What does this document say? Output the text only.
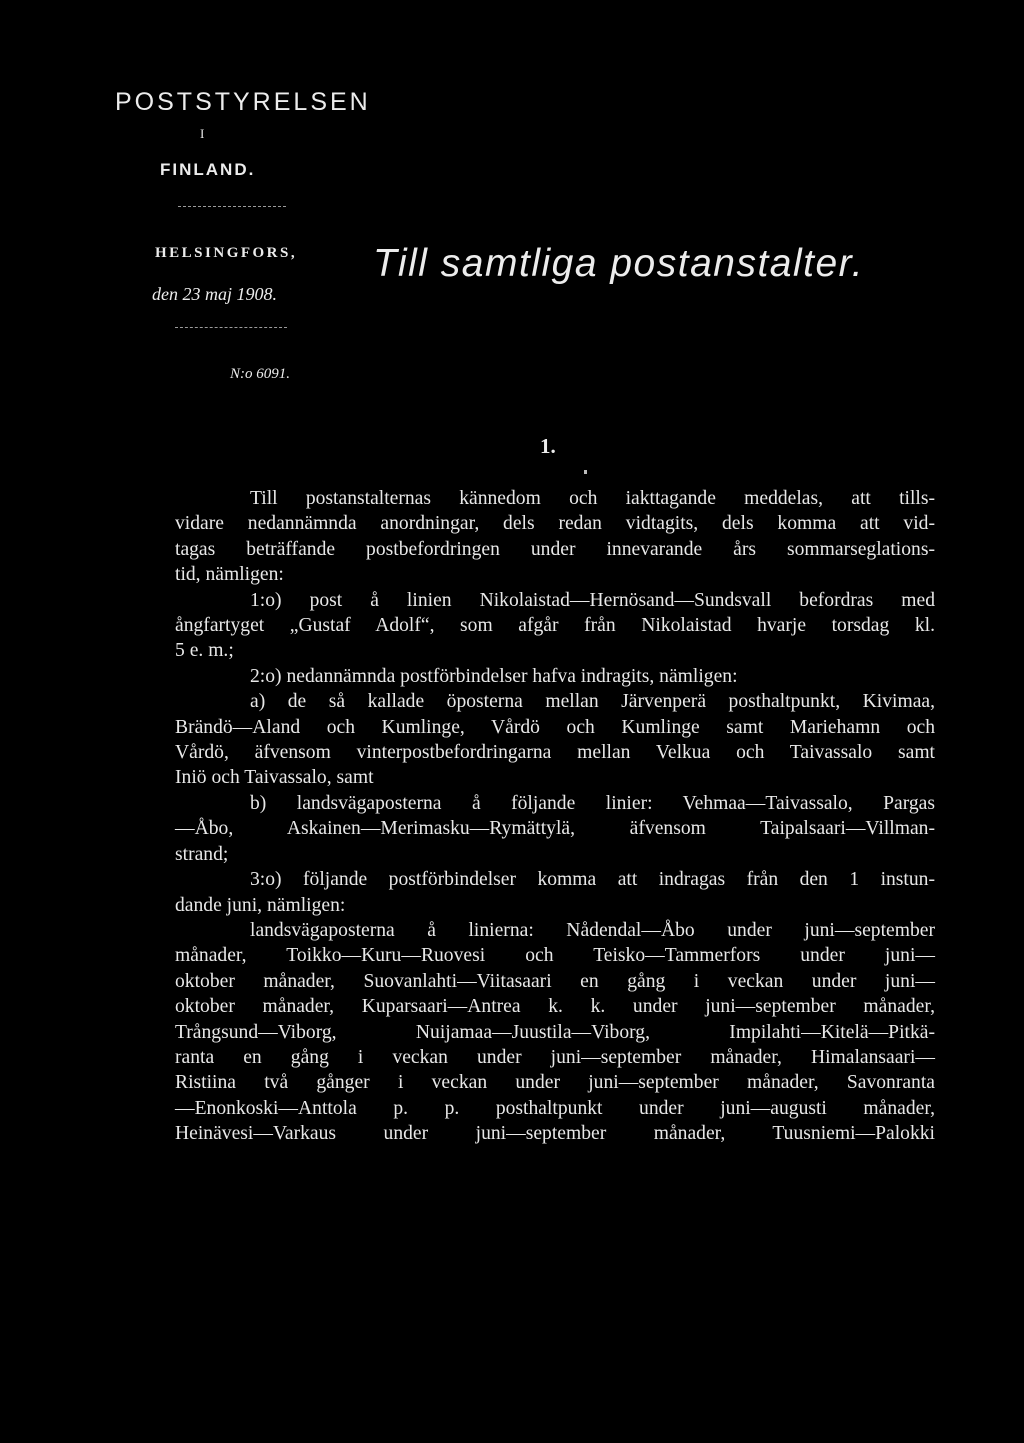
POSTSTYRELSEN
I
FINLAND.
HELSINGFORS,
den 23 maj 1908.
N:o 6091.
Till samtliga postanstalter.
1.
Till postanstalternas kännedom och iakttagande meddelas, att tills-
vidare nedannämnda anordningar, dels redan vidtagits, dels komma att vid-
tagas beträffande postbefordringen under innevarande års sommarseglations-
tid, nämligen:
1:o) post å linien Nikolaistad—Hernösand—Sundsvall befordras med
ångfartyget „Gustaf Adolf“, som afgår från Nikolaistad hvarje torsdag kl.
5 e. m.;
2:o) nedannämnda postförbindelser hafva indragits, nämligen:
a) de så kallade öposterna mellan Järvenperä posthaltpunkt, Kivimaa,
Brändö—Aland och Kumlinge, Vårdö och Kumlinge samt Mariehamn och
Vårdö, äfvensom vinterpostbefordringarna mellan Velkua och Taivassalo samt
Iniö och Taivassalo, samt
b) landsvägaposterna å följande linier: Vehmaa—Taivassalo, Pargas
—Åbo, Askainen—Merimasku—Rymättylä, äfvensom Taipalsaari—Villman-
strand;
3:o) följande postförbindelser komma att indragas från den 1 instun-
dande juni, nämligen:
landsvägaposterna å linierna: Nådendal—Åbo under juni—september
månader, Toikko—Kuru—Ruovesi och Teisko—Tammerfors under juni—
oktober månader, Suovanlahti—Viitasaari en gång i veckan under juni—
oktober månader, Kuparsaari—Antrea k. k. under juni—september månader,
Trångsund—Viborg, Nuijamaa—Juustila—Viborg, Impilahti—Kitelä—Pitkä-
ranta en gång i veckan under juni—september månader, Himalansaari—
Ristiina två gånger i veckan under juni—september månader, Savonranta
—Enonkoski—Anttola p. p. posthaltpunkt under juni—augusti månader,
Heinävesi—Varkaus under juni—september månader, Tuusniemi—Palokki
